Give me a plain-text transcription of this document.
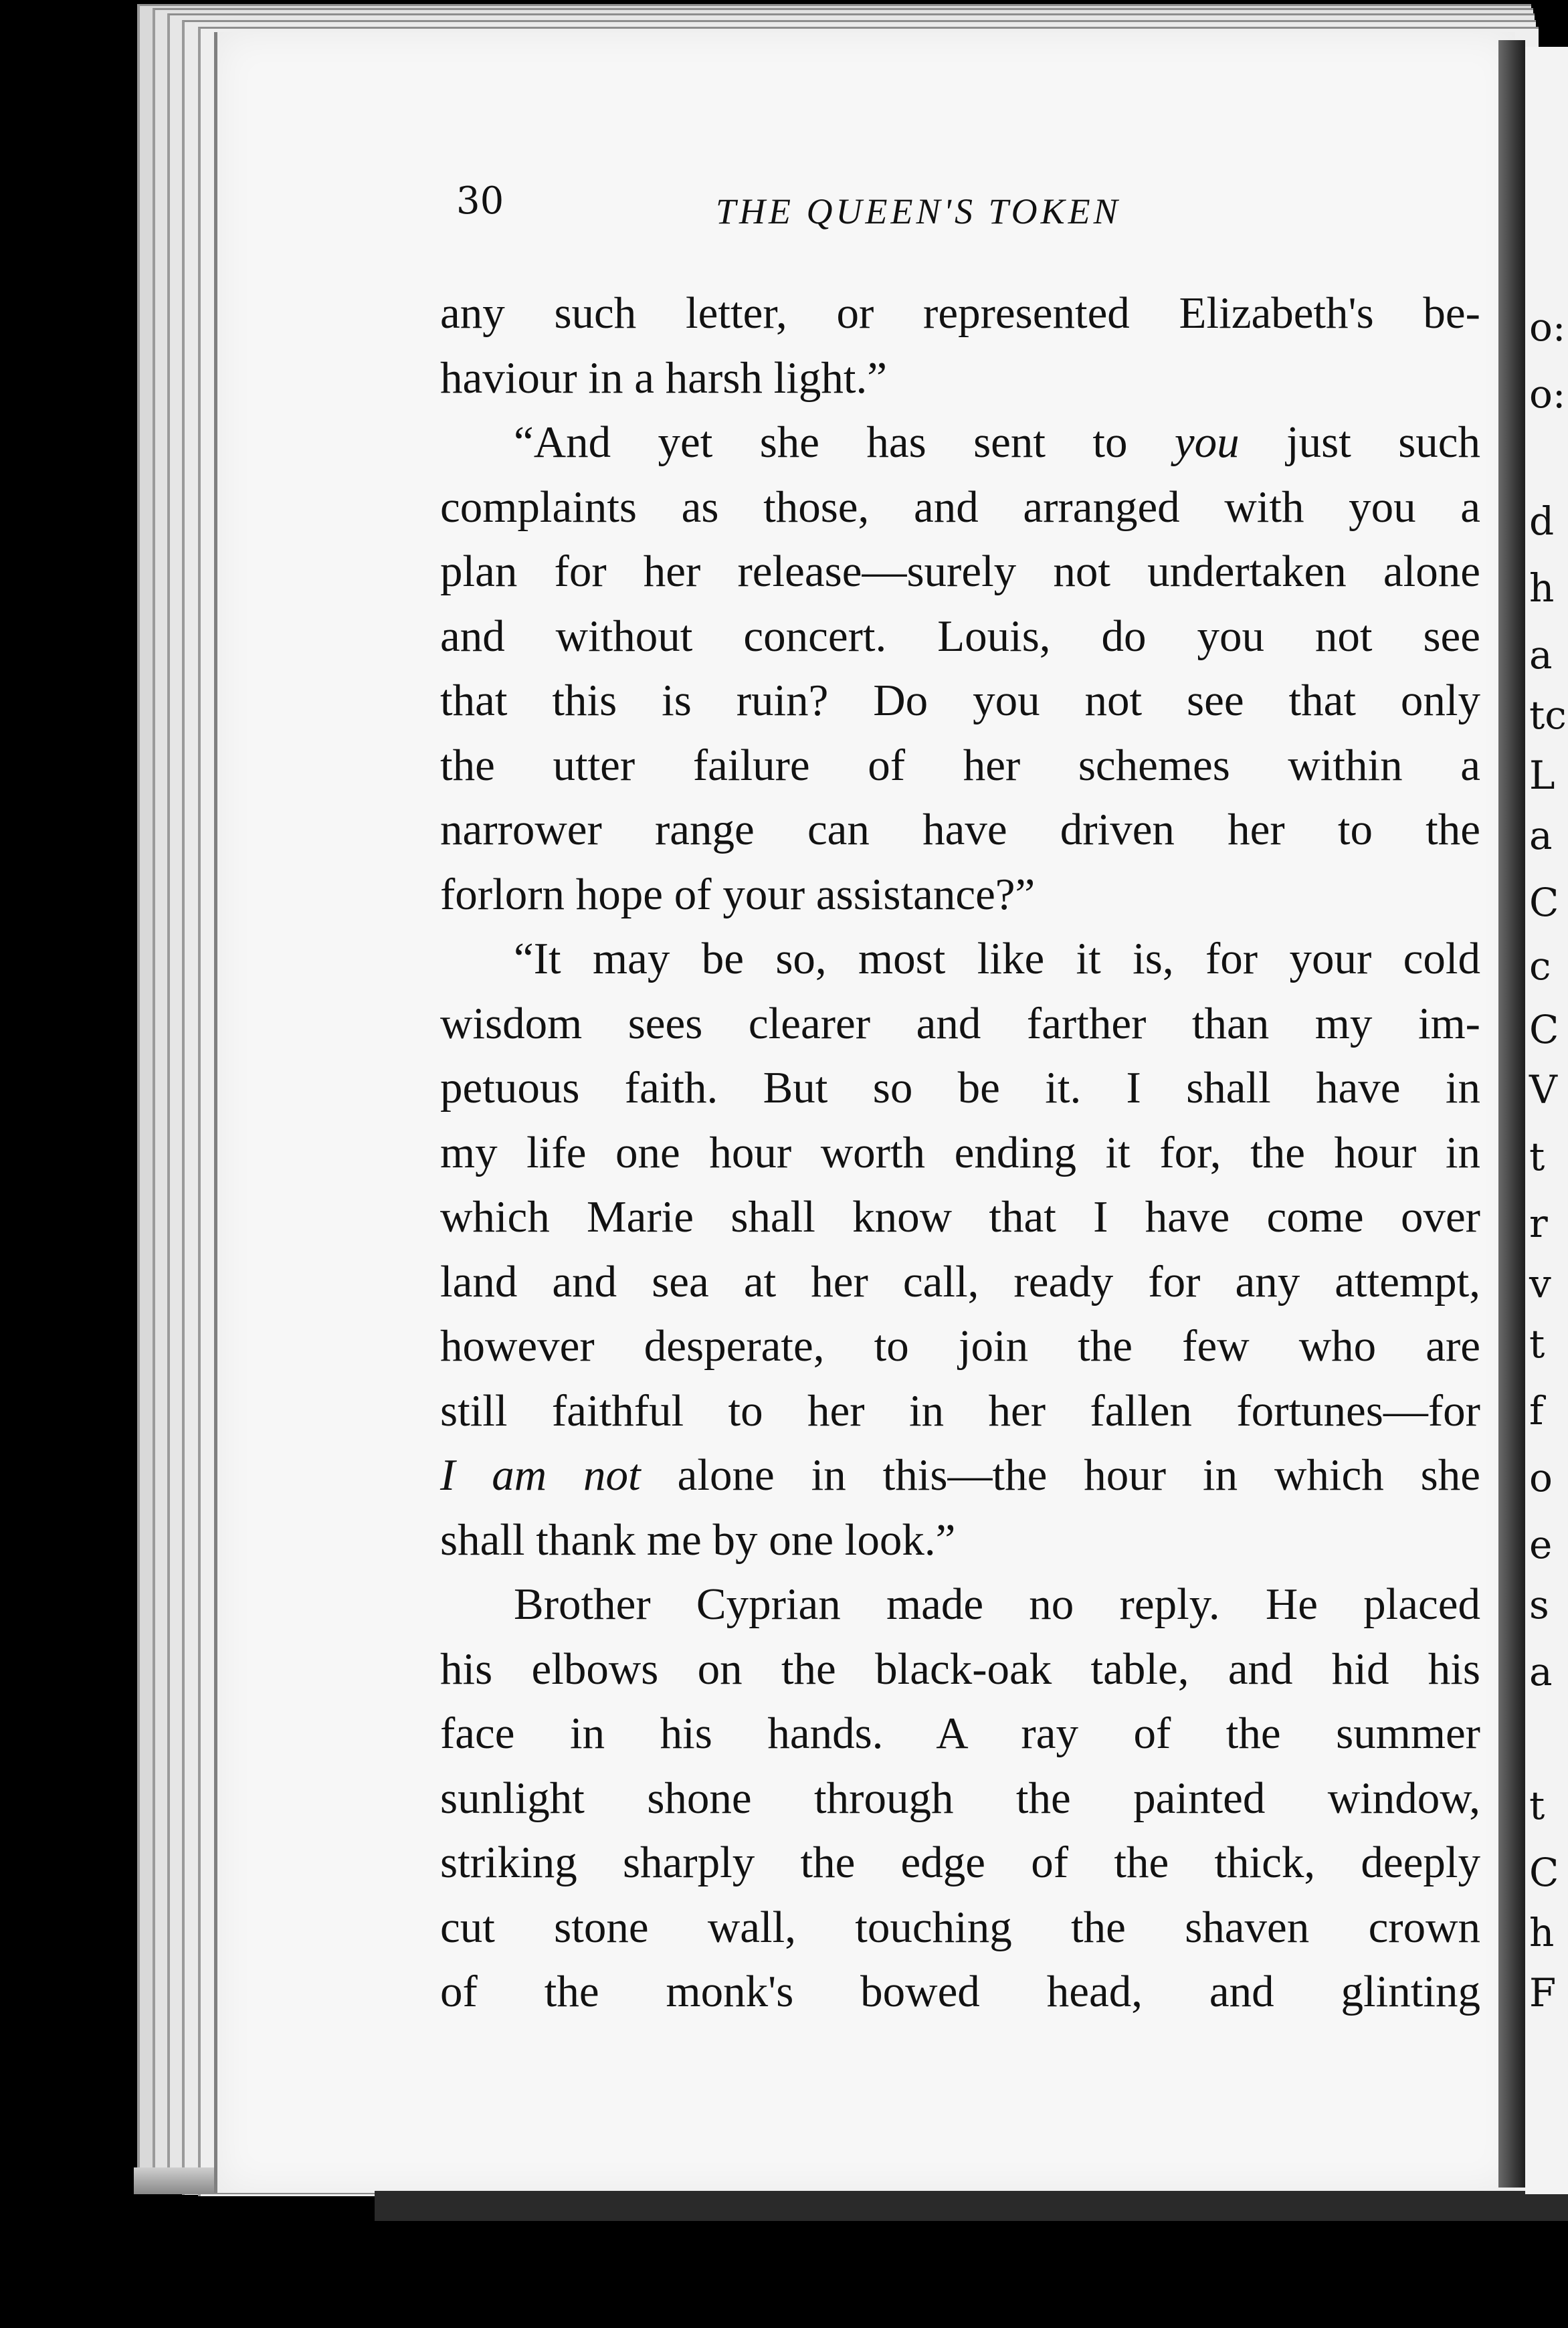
o:
o:
d
h
a
tс
L
a
C
c
C
V
t
r
v
t
f
o
e
s
a
t
C
h
F
30	THE QUEEN'S TOKEN
any such letter, or represented Elizabeth's be-
haviour in a harsh light.”
“And yet she has sent to you just such
complaints as those, and arranged with you a
plan for her release—surely not undertaken alone
and without concert. Louis, do you not see
that this is ruin? Do you not see that only
the utter failure of her schemes within a
narrower range can have driven her to the
forlorn hope of your assistance?”
“It may be so, most like it is, for your cold
wisdom sees clearer and farther than my im-
petuous faith. But so be it. I shall have in
my life one hour worth ending it for, the hour in
which Marie shall know that I have come over
land and sea at her call, ready for any attempt,
however desperate, to join the few who are
still faithful to her in her fallen fortunes—for
I am not alone in this—the hour in which she
shall thank me by one look.”
Brother Cyprian made no reply. He placed
his elbows on the black-oak table, and hid his
face in his hands. A ray of the summer
sunlight shone through the painted window,
striking sharply the edge of the thick, deeply
cut stone wall, touching the shaven crown
of the monk's bowed head, and glinting
